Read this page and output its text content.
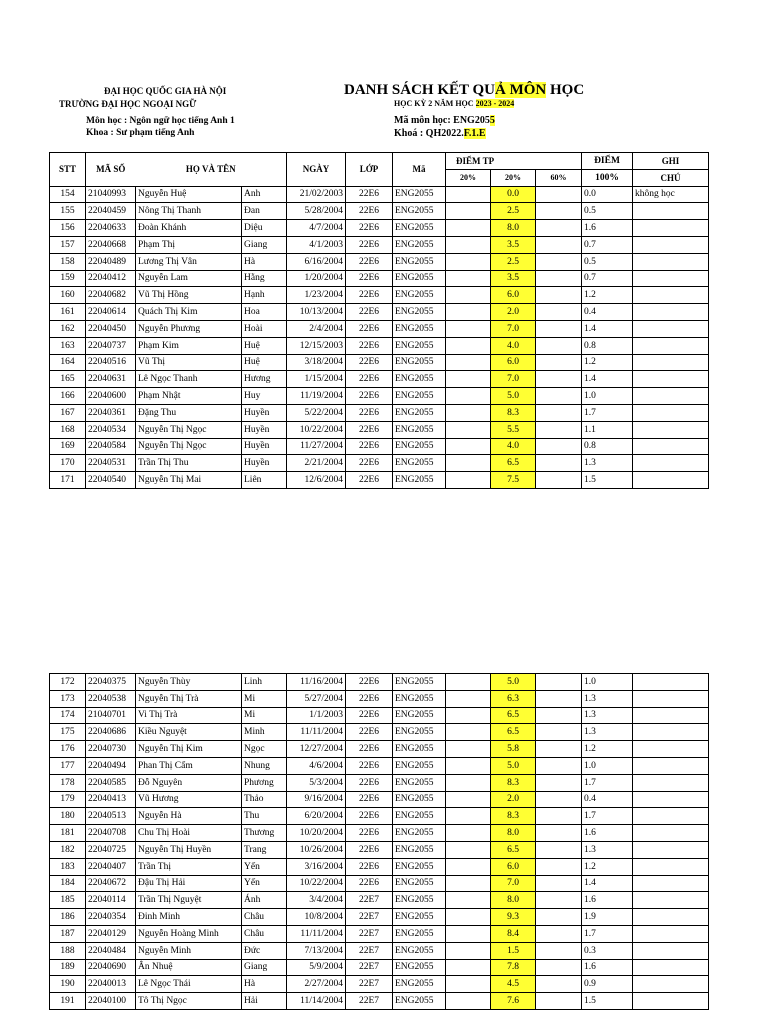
ĐẠI HỌC QUỐC GIA HÀ NỘI
TRƯỜNG ĐẠI HỌC NGOẠI NGỮ
Môn học : Ngôn ngữ học tiếng Anh 1
Khoa : Sư phạm tiếng Anh
DANH SÁCH KẾT QUẢ MÔN HỌC
HỌC KỲ 2 NĂM HỌC 2023 - 2024
Mã môn học: ENG2055
Khoá : QH2022.F.1.E
STT	MÃ SỐ	HỌ VÀ TÊN		NGÀY	LỚP	Mã	ĐIỂM TP			ĐIỂM	GHI
							20%	20%	60%	100%	CHÚ
154	21040993	Nguyễn Huệ	Anh	21/02/2003	22E6	ENG2055		0.0		0.0	không học
155	22040459	Nông Thị Thanh	Đan	5/28/2004	22E6	ENG2055		2.5		0.5	
156	22040633	Đoàn Khánh	Diệu	4/7/2004	22E6	ENG2055		8.0		1.6	
157	22040668	Phạm Thị	Giang	4/1/2003	22E6	ENG2055		3.5		0.7	
158	22040489	Lương Thị Vân	Hà	6/16/2004	22E6	ENG2055		2.5		0.5	
159	22040412	Nguyễn Lam	Hằng	1/20/2004	22E6	ENG2055		3.5		0.7	
160	22040682	Vũ Thị Hồng	Hạnh	1/23/2004	22E6	ENG2055		6.0		1.2	
161	22040614	Quách Thị Kim	Hoa	10/13/2004	22E6	ENG2055		2.0		0.4	
162	22040450	Nguyễn Phương	Hoài	2/4/2004	22E6	ENG2055		7.0		1.4	
163	22040737	Phạm Kim	Huệ	12/15/2003	22E6	ENG2055		4.0		0.8	
164	22040516	Vũ Thị	Huệ	3/18/2004	22E6	ENG2055		6.0		1.2	
165	22040631	Lê Ngọc Thanh	Hương	1/15/2004	22E6	ENG2055		7.0		1.4	
166	22040600	Phạm Nhật	Huy	11/19/2004	22E6	ENG2055		5.0		1.0	
167	22040361	Đặng Thu	Huyền	5/22/2004	22E6	ENG2055		8.3		1.7	
168	22040534	Nguyễn Thị Ngọc	Huyền	10/22/2004	22E6	ENG2055		5.5		1.1	
169	22040584	Nguyễn Thị Ngọc	Huyền	11/27/2004	22E6	ENG2055		4.0		0.8	
170	22040531	Trần Thị Thu	Huyền	2/21/2004	22E6	ENG2055		6.5		1.3	
171	22040540	Nguyễn Thị Mai	Liên	12/6/2004	22E6	ENG2055		7.5		1.5	
172	22040375	Nguyễn Thùy	Linh	11/16/2004	22E6	ENG2055		5.0		1.0	
173	22040538	Nguyễn Thị Trà	Mi	5/27/2004	22E6	ENG2055		6.3		1.3	
174	21040701	Vi Thị Trà	Mi	1/1/2003	22E6	ENG2055		6.5		1.3	
175	22040686	Kiều Nguyệt	Minh	11/11/2004	22E6	ENG2055		6.5		1.3	
176	22040730	Nguyễn Thị Kim	Ngọc	12/27/2004	22E6	ENG2055		5.8		1.2	
177	22040494	Phan Thị Cẩm	Nhung	4/6/2004	22E6	ENG2055		5.0		1.0	
178	22040585	Đỗ Nguyên	Phương	5/3/2004	22E6	ENG2055		8.3		1.7	
179	22040413	Vũ Hương	Thảo	9/16/2004	22E6	ENG2055		2.0		0.4	
180	22040513	Nguyễn Hà	Thu	6/20/2004	22E6	ENG2055		8.3		1.7	
181	22040708	Chu Thị Hoài	Thương	10/20/2004	22E6	ENG2055		8.0		1.6	
182	22040725	Nguyễn Thị Huyền	Trang	10/26/2004	22E6	ENG2055		6.5		1.3	
183	22040407	Trần Thị	Yến	3/16/2004	22E6	ENG2055		6.0		1.2	
184	22040672	Đậu Thị Hải	Yến	10/22/2004	22E6	ENG2055		7.0		1.4	
185	22040114	Trần Thị Nguyệt	Ánh	3/4/2004	22E7	ENG2055		8.0		1.6	
186	22040354	Đinh Minh	Châu	10/8/2004	22E7	ENG2055		9.3		1.9	
187	22040129	Nguyễn Hoàng Minh	Châu	11/11/2004	22E7	ENG2055		8.4		1.7	
188	22040484	Nguyễn Minh	Đức	7/13/2004	22E7	ENG2055		1.5		0.3	
189	22040690	Ân Nhuệ	Giang	5/9/2004	22E7	ENG2055		7.8		1.6	
190	22040013	Lê Ngọc Thái	Hà	2/27/2004	22E7	ENG2055		4.5		0.9	
191	22040100	Tô Thị Ngọc	Hải	11/14/2004	22E7	ENG2055		7.6		1.5	
